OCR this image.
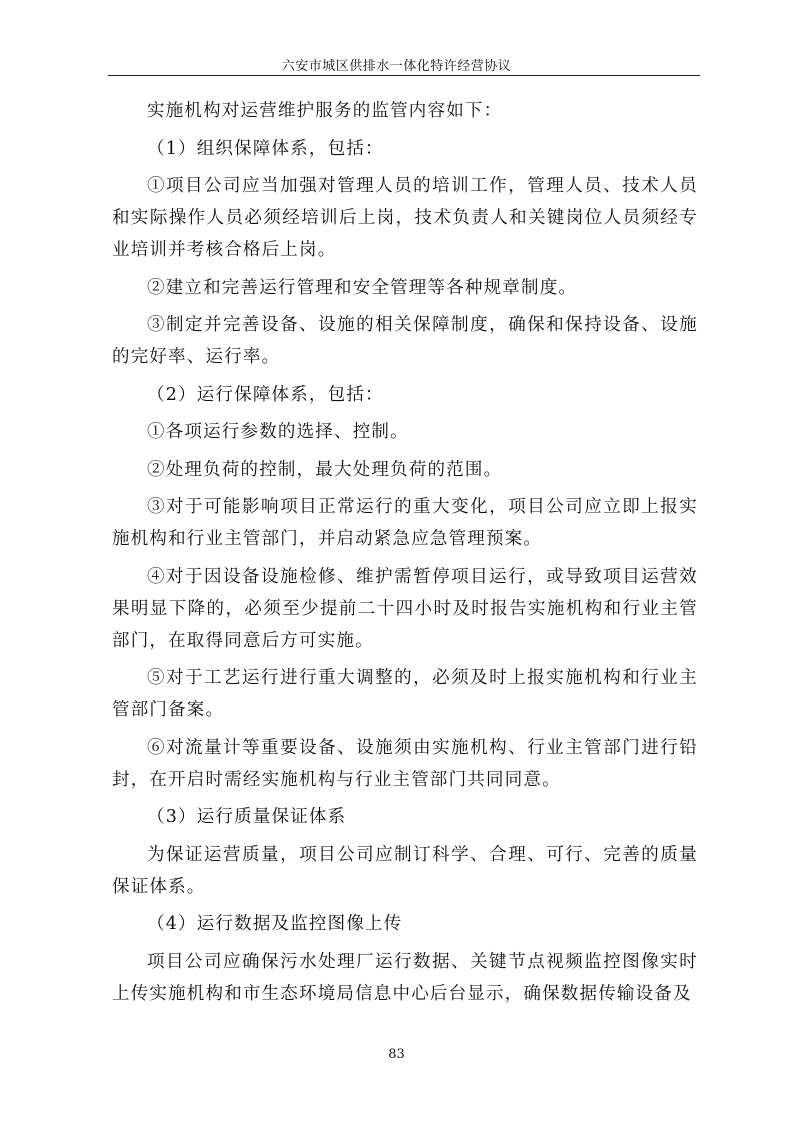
六安市城区供排水一体化特许经营协议

实施机构对运营维护服务的监管内容如下：

（1）组织保障体系，包括：

①项目公司应当加强对管理人员的培训工作，管理人员、技术人员和实际操作人员必须经培训后上岗，技术负责人和关键岗位人员须经专业培训并考核合格后上岗。

②建立和完善运行管理和安全管理等各种规章制度。

③制定并完善设备、设施的相关保障制度，确保和保持设备、设施的完好率、运行率。

（2）运行保障体系，包括：

①各项运行参数的选择、控制。

②处理负荷的控制，最大处理负荷的范围。

③对于可能影响项目正常运行的重大变化，项目公司应立即上报实施机构和行业主管部门，并启动紧急应急管理预案。

④对于因设备设施检修、维护需暂停项目运行，或导致项目运营效果明显下降的，必须至少提前二十四小时及时报告实施机构和行业主管部门，在取得同意后方可实施。

⑤对于工艺运行进行重大调整的，必须及时上报实施机构和行业主管部门备案。

⑥对流量计等重要设备、设施须由实施机构、行业主管部门进行铅封，在开启时需经实施机构与行业主管部门共同同意。

（3）运行质量保证体系

为保证运营质量，项目公司应制订科学、合理、可行、完善的质量保证体系。

（4）运行数据及监控图像上传

项目公司应确保污水处理厂运行数据、关键节点视频监控图像实时上传实施机构和市生态环境局信息中心后台显示，确保数据传输设备及

83
